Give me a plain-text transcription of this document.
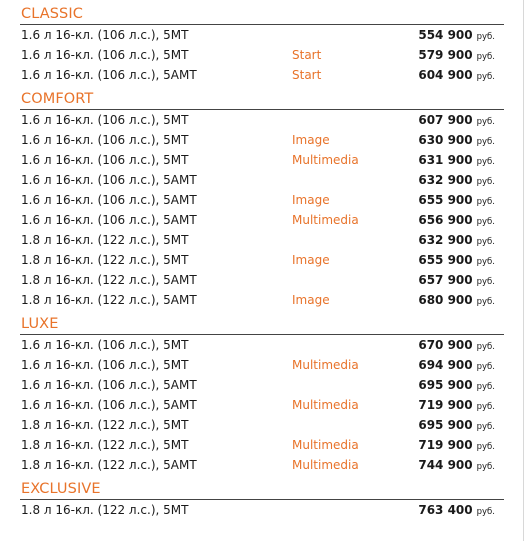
CLASSIC
1.6 л 16-кл. (106 л.с.), 5МТ	554 900 руб.
1.6 л 16-кл. (106 л.с.), 5МТ	Start	579 900 руб.
1.6 л 16-кл. (106 л.с.), 5АМТ	Start	604 900 руб.
COMFORT
1.6 л 16-кл. (106 л.с.), 5МТ	607 900 руб.
1.6 л 16-кл. (106 л.с.), 5МТ	Image	630 900 руб.
1.6 л 16-кл. (106 л.с.), 5МТ	Multimedia	631 900 руб.
1.6 л 16-кл. (106 л.с.), 5АМТ	632 900 руб.
1.6 л 16-кл. (106 л.с.), 5АМТ	Image	655 900 руб.
1.6 л 16-кл. (106 л.с.), 5АМТ	Multimedia	656 900 руб.
1.8 л 16-кл. (122 л.с.), 5МТ	632 900 руб.
1.8 л 16-кл. (122 л.с.), 5МТ	Image	655 900 руб.
1.8 л 16-кл. (122 л.с.), 5АМТ	657 900 руб.
1.8 л 16-кл. (122 л.с.), 5АМТ	Image	680 900 руб.
LUXE
1.6 л 16-кл. (106 л.с.), 5МТ	670 900 руб.
1.6 л 16-кл. (106 л.с.), 5МТ	Multimedia	694 900 руб.
1.6 л 16-кл. (106 л.с.), 5АМТ	695 900 руб.
1.6 л 16-кл. (106 л.с.), 5АМТ	Multimedia	719 900 руб.
1.8 л 16-кл. (122 л.с.), 5МТ	695 900 руб.
1.8 л 16-кл. (122 л.с.), 5МТ	Multimedia	719 900 руб.
1.8 л 16-кл. (122 л.с.), 5АМТ	Multimedia	744 900 руб.
EXCLUSIVE
1.8 л 16-кл. (122 л.с.), 5МТ	763 400 руб.
